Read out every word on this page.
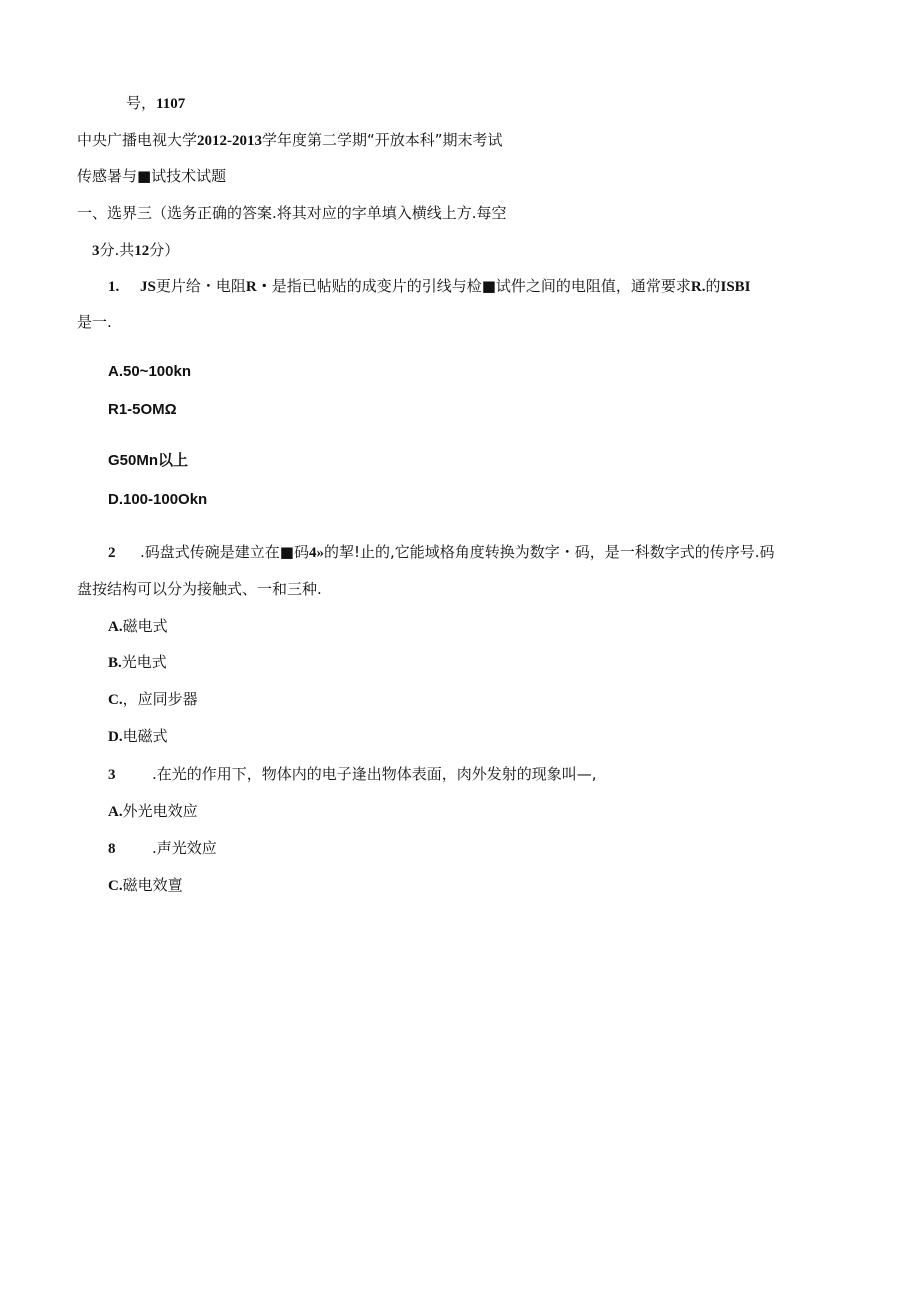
号，1107
中央广播电视大学2012-2013学年度第二学期“开放本科”期末考试
传感暑与■试技术试题
一、选界三（选务正确的答案.将其对应的字单填入横线上方.每空
3分.共12分）
1. JS更片给・电阻R・是指已帖贴的成变片的引线与检■试件之间的电阻值，通常要求R.的ISBI
是一.
A.50~100kn
R1-5OMΩ
G50Mn以上
D.100-100Okn
2 .码盘式传碗是建立在■码4»的挈!止的,它能域格角度转换为数字・码，是一科数字式的传序号.码
盘按结构可以分为接触式、一和三种.
A.磁电式
B.光电式
C.，应同步器
D.电磁式
3 .在光的作用下，物体内的电子逢出物体表面，肉外发射的现象叫—,
A.外光电效应
8 .声光效应
C.磁电效亶
